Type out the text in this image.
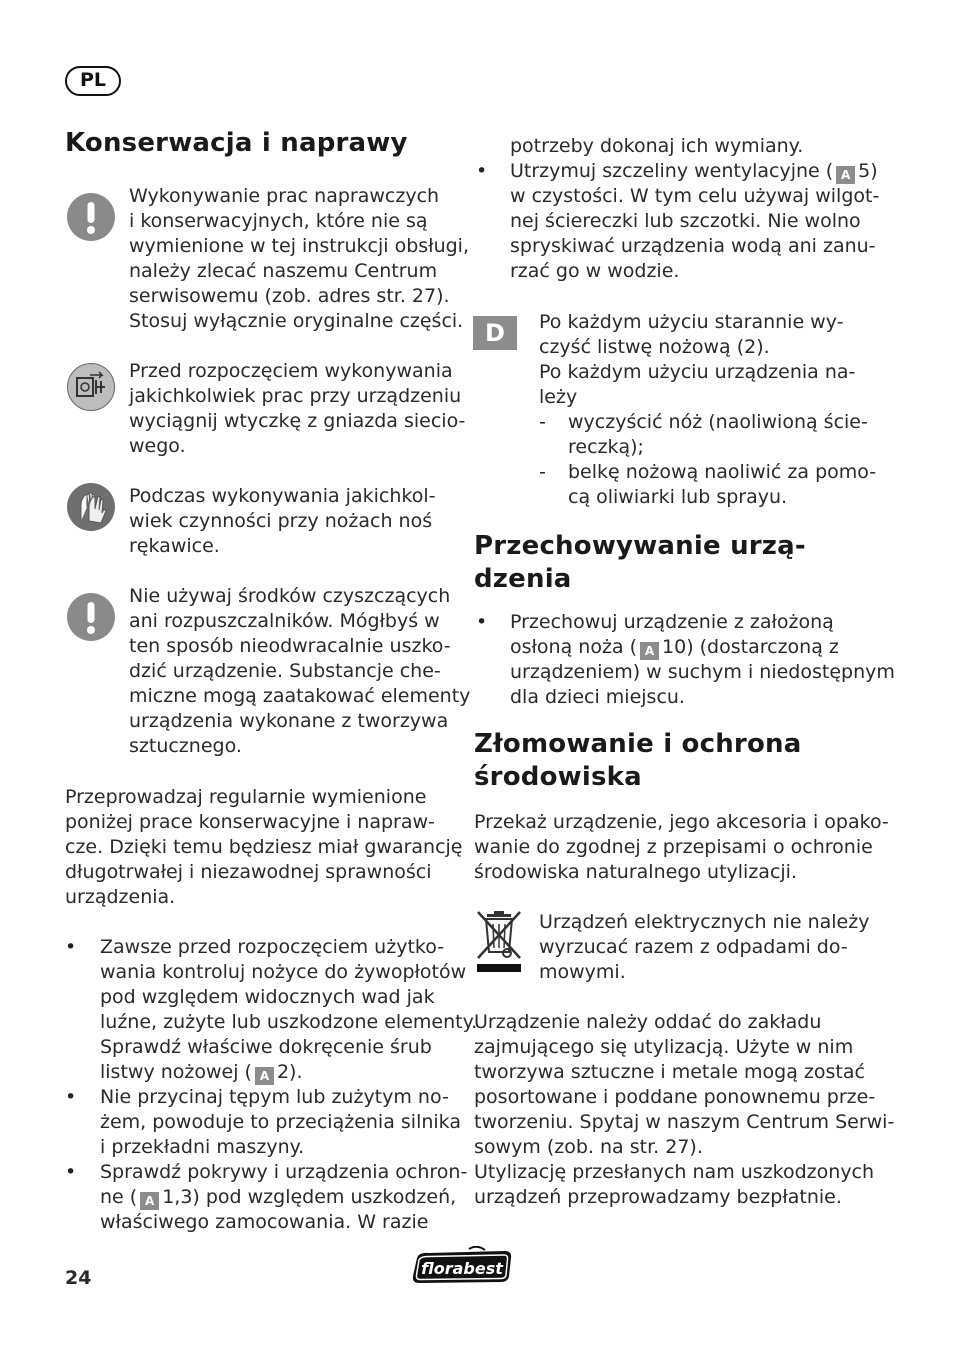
PL
Konserwacja i naprawy
Wykonywanie prac naprawczych
i konserwacyjnych, które nie są
wymienione w tej instrukcji obsługi,
należy zlecać naszemu Centrum
serwisowemu (zob. adres str. 27).
Stosuj wyłącznie oryginalne części.
Przed rozpoczęciem wykonywania
jakichkolwiek prac przy urządzeniu
wyciągnij wtyczkę z gniazda siecio-
wego.
Podczas wykonywania jakichkol-
wiek czynności przy nożach noś
rękawice.
Nie używaj środków czyszczących
ani rozpuszczalników. Mógłbyś w
ten sposób nieodwracalnie uszko-
dzić urządzenie. Substancje che-
miczne mogą zaatakować elementy
urządzenia wykonane z tworzywa
sztucznego.
Przeprowadzaj regularnie wymienione
poniżej prace konserwacyjne i napraw-
cze. Dzięki temu będziesz miał gwarancję
długotrwałej i niezawodnej sprawności
urządzenia.
• Zawsze przed rozpoczęciem użytko-
wania kontroluj nożyce do żywopłotów
pod względem widocznych wad jak
luźne, zużyte lub uszkodzone elementy.
Sprawdź właściwe dokręcenie śrub
listwy nożowej ( A 2).
• Nie przycinaj tępym lub zużytym no-
żem, powoduje to przeciążenia silnika
i przekładni maszyny.
• Sprawdź pokrywy i urządzenia ochron-
ne ( A 1,3) pod względem uszkodzeń,
właściwego zamocowania. W razie
potrzeby dokonaj ich wymiany.
• Utrzymuj szczeliny wentylacyjne ( A 5)
w czystości. W tym celu używaj wilgot-
nej ściereczki lub szczotki. Nie wolno
spryskiwać urządzenia wodą ani zanu-
rzać go w wodzie.
D	Po każdym użyciu starannie wy-
czyść listwę nożową (2).
Po każdym użyciu urządzenia na-
leży
- wyczyścić nóż (naoliwioną ście-
reczką);
- belkę nożową naoliwić za pomo-
cą oliwiarki lub sprayu.
Przechowywanie urzą-
dzenia
• Przechowuj urządzenie z założoną
osłoną noża ( A 10) (dostarczoną z
urządzeniem) w suchym i niedostępnym
dla dzieci miejscu.
Złomowanie i ochrona
środowiska
Przekaż urządzenie, jego akcesoria i opako-
wanie do zgodnej z przepisami o ochronie
środowiska naturalnego utylizacji.
Urządzeń elektrycznych nie należy
wyrzucać razem z odpadami do-
mowymi.
Urządzenie należy oddać do zakładu
zajmującego się utylizacją. Użyte w nim
tworzywa sztuczne i metale mogą zostać
posortowane i poddane ponownemu prze-
tworzeniu. Spytaj w naszym Centrum Serwi-
sowym (zob. na str. 27).
Utylizację przesłanych nam uszkodzonych
urządzeń przeprowadzamy bezpłatnie.
24	florabest
